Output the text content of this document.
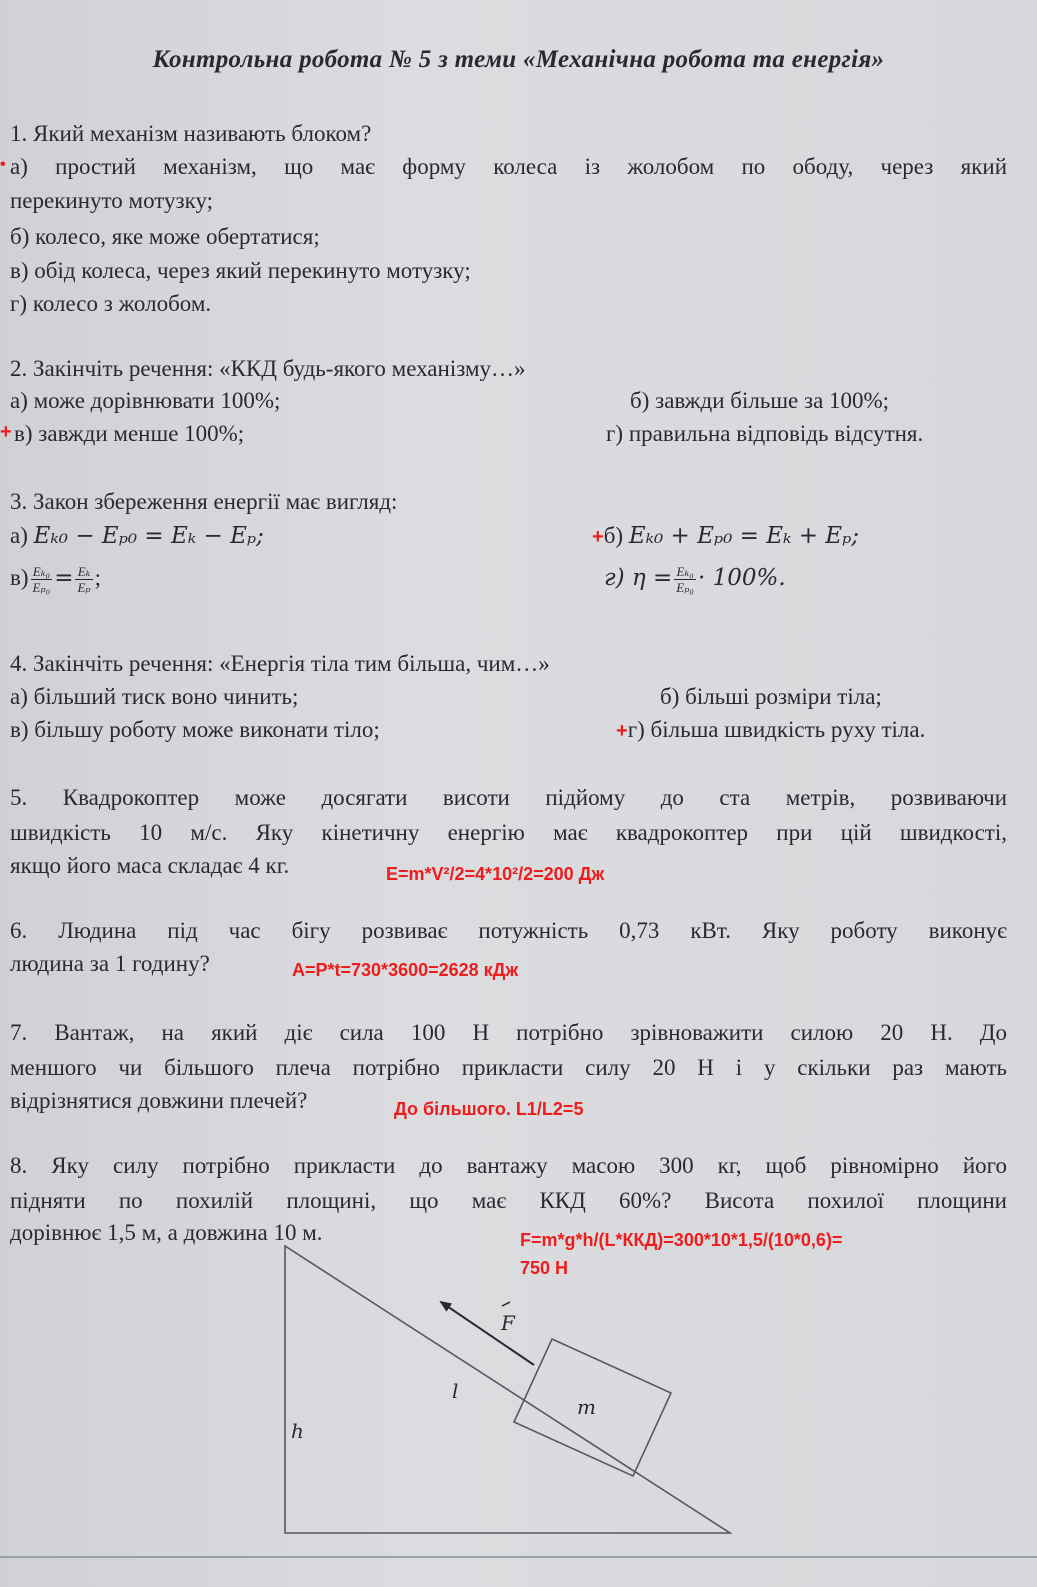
Контрольна робота № 5 з теми «Механічна робота та енергія»
1. Який механізм називають блоком?
• а) простий механізм, що має форму колеса із жолобом по ободу, через який
перекинуто мотузку;
б) колесо, яке може обертатися;
в) обід колеса, через який перекинуто мотузку;
г) колесо з жолобом.
2. Закінчіть речення: «ККД будь-якого механізму…»
а) може дорівнювати 100%;	б) завжди більше за 100%;
+ в) завжди менше 100%;	г) правильна відповідь відсутня.
3. Закон збереження енергії має вигляд:
а) Eₖ₀ − Eₚ₀ = Eₖ − Eₚ;	+б) Eₖ₀ + Eₚ₀ = Eₖ + Eₚ;
$в) \frac{\text{Eₖ₀}}{\text{Eₚ₀}} = \frac{\text{Eₖ}}{\text{Eₚ}}$ ;	г) $\eta = \frac{\text{Eₖ₀}}{\text{Eₚ₀}} \cdot 100\%$.
4. Закінчіть речення: «Енергія тіла тим більша, чим…»
а) більший тиск воно чинить;	б) більші розміри тіла;
в) більшу роботу може виконати тіло;	+г) більша швидкість руху тіла.
5. Квадрокоптер може досягати висоти підйому до ста метрів, розвиваючи
швидкість 10 м/с. Яку кінетичну енергію має квадрокоптер при цій швидкості,
якщо його маса складає 4 кг.	E=m*V²/2=4*10²/2=200 Дж
6. Людина під час бігу розвиває потужність 0,73 кВт. Яку роботу виконує
людина за 1 годину?	A=P*t=730*3600=2628 кДж
7. Вантаж, на який діє сила 100 Н потрібно зрівноважити силою 20 Н. До
меншого чи більшого плеча потрібно прикласти силу 20 Н і у скільки раз мають
відрізнятися довжини плечей?	До більшого. L1/L2=5
8. Яку силу потрібно прикласти до вантажу масою 300 кг, щоб рівномірно його
підняти по похилій площині, що має ККД 60%? Висота похилої площини
дорівнює 1,5 м, а довжина 10 м.	F=m*g*h/(L*ККД)=300*10*1,5/(10*0,6)=
750 Н
F
l
m
h
